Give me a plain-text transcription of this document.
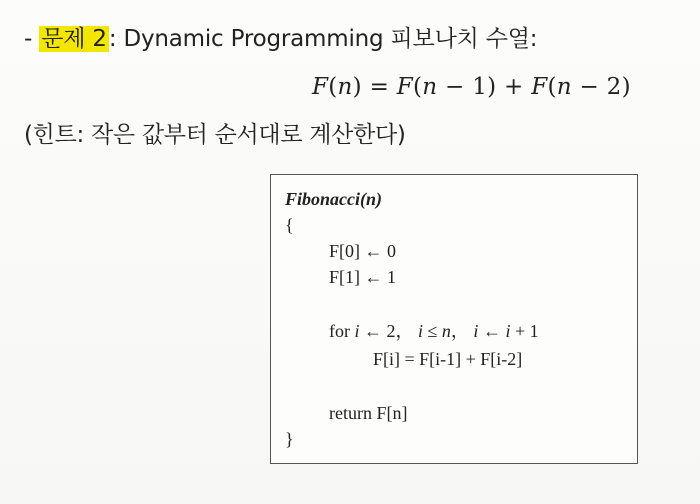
- 문제 2: Dynamic Programming 피보나치 수열:
F(n) = F(n − 1) + F(n − 2)
(힌트: 작은 값부터 순서대로 계산한다)
Fibonacci(n)
{
F[0] ← 0
F[1] ← 1
for i ← 2， i ≤ n， i ← i + 1
F[i] = F[i-1] + F[i-2]
return F[n]
}
